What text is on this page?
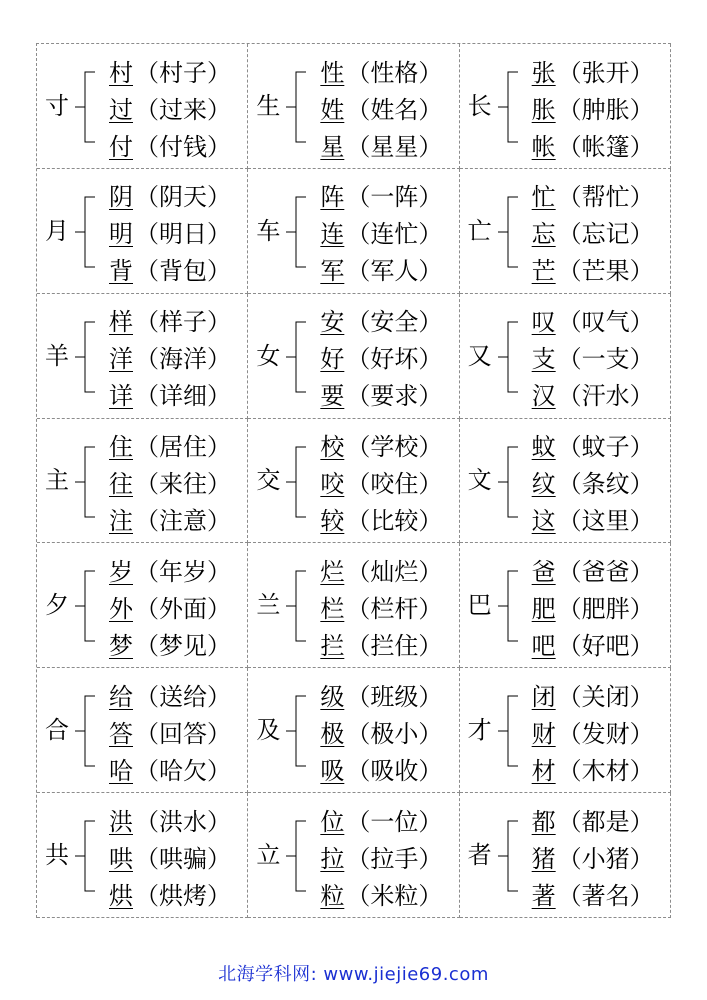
寸
村 （村子）
过 （过来）
付 （付钱）
生
性 （性格）
姓 （姓名）
星 （星星）
长
张 （张开）
胀 （肿胀）
帐 （帐篷）
月
阴 （阴天）
明 （明日）
背 （背包）
车
阵 （一阵）
连 （连忙）
军 （军人）
亡
忙 （帮忙）
忘 （忘记）
芒 （芒果）
羊
样 （样子）
洋 （海洋）
详 （详细）
女
安 （安全）
好 （好坏）
要 （要求）
又
叹 （叹气）
支 （一支）
汉 （汗水）
主
住 （居住）
往 （来往）
注 （注意）
交
校 （学校）
咬 （咬住）
较 （比较）
文
蚊 （蚊子）
纹 （条纹）
这 （这里）
夕
岁 （年岁）
外 （外面）
梦 （梦见）
兰
烂 （灿烂）
栏 （栏杆）
拦 （拦住）
巴
爸 （爸爸）
肥 （肥胖）
吧 （好吧）
合
给 （送给）
答 （回答）
哈 （哈欠）
及
级 （班级）
极 （极小）
吸 （吸收）
才
闭 （关闭）
财 （发财）
材 （木材）
共
洪 （洪水）
哄 （哄骗）
烘 （烘烤）
立
位 （一位）
拉 （拉手）
粒 （米粒）
者
都 （都是）
猪 （小猪）
著 （著名）
北海学科网: www.jiejie69.com
